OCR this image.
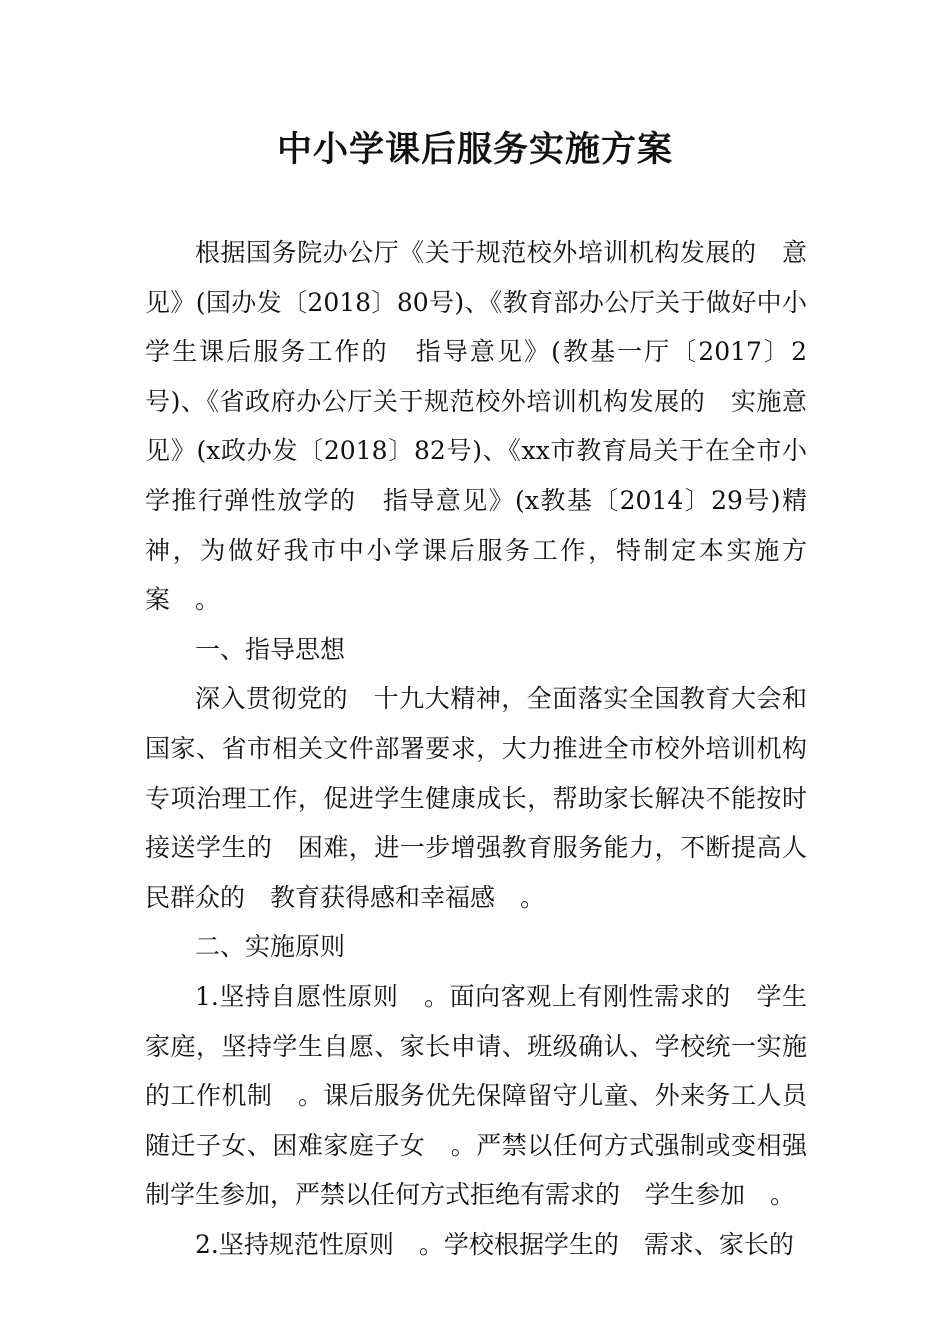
中小学课后服务实施方案

根据国务院办公厅《关于规范校外培训机构发展的　意见》(国办发〔2018〕80号)、《教育部办公厅关于做好中小学生课后服务工作的　指导意见》(教基一厅〔2017〕2号)、《省政府办公厅关于规范校外培训机构发展的　实施意见》(x政办发〔2018〕82号)、《xx市教育局关于在全市小学推行弹性放学的　指导意见》(x教基〔2014〕29号)精神，为做好我市中小学课后服务工作，特制定本实施方案　。

一、指导思想

深入贯彻党的　十九大精神，全面落实全国教育大会和国家、省市相关文件部署要求，大力推进全市校外培训机构专项治理工作，促进学生健康成长，帮助家长解决不能按时接送学生的　困难，进一步增强教育服务能力，不断提高人民群众的　教育获得感和幸福感　。

二、实施原则

1.坚持自愿性原则　。面向客观上有刚性需求的　学生家庭，坚持学生自愿、家长申请、班级确认、学校统一实施的工作机制　。课后服务优先保障留守儿童、外来务工人员随迁子女、困难家庭子女　。严禁以任何方式强制或变相强制学生参加，严禁以任何方式拒绝有需求的　学生参加　。

2.坚持规范性原则　。学校根据学生的　需求、家长的
